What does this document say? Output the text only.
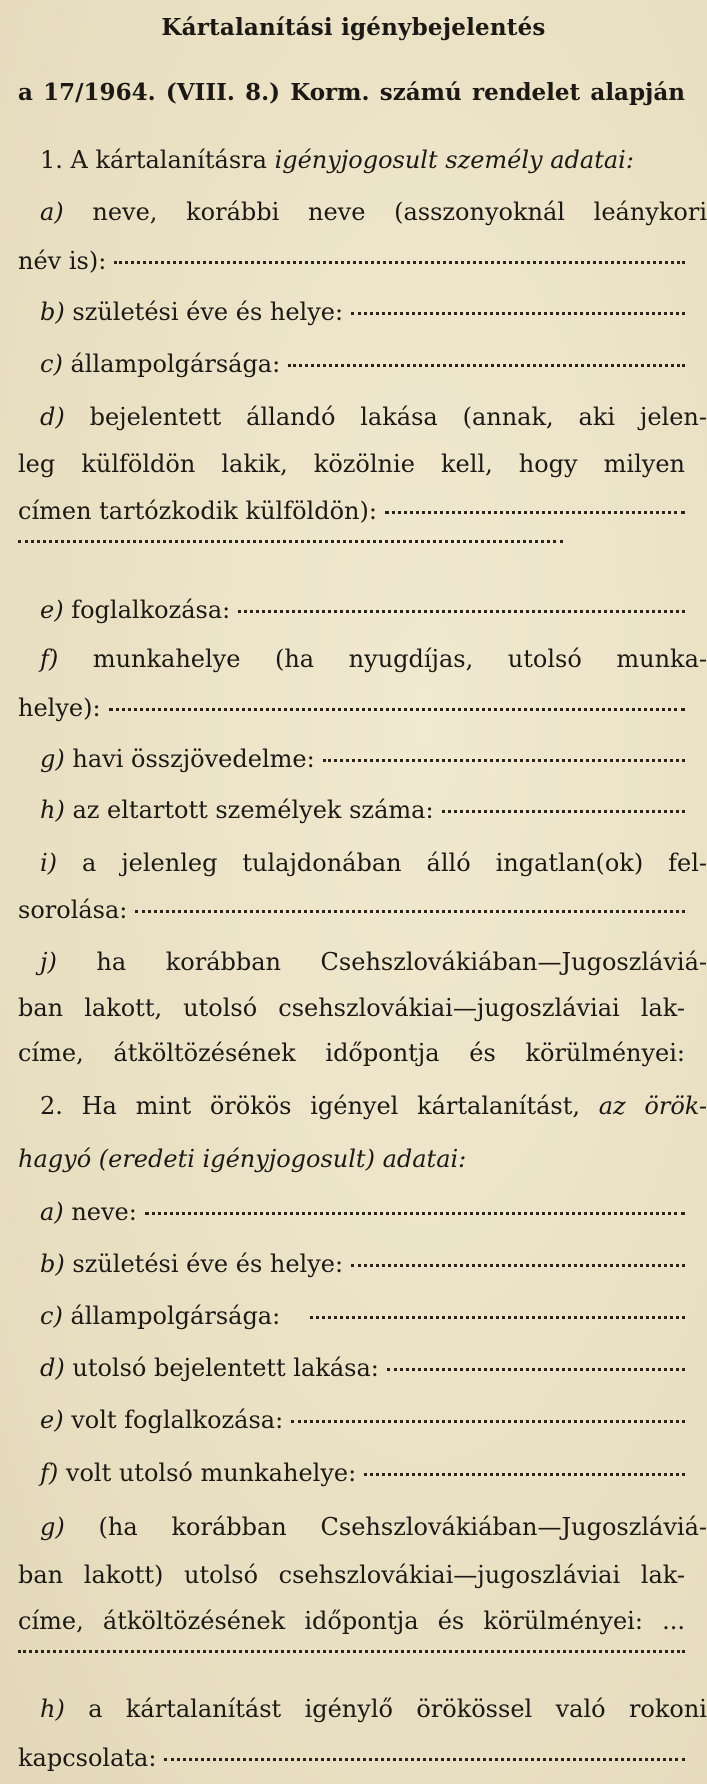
Kártalanítási igénybejelentés
a 17/1964. (VIII. 8.) Korm. számú rendelet alapján
1. A kártalanításra igényjogosult személy adatai:
a) neve, korábbi neve (asszonyoknál leánykori
név is):
b) születési éve és helye:
c) állampolgársága:
d) bejelentett állandó lakása (annak, aki jelen-
leg külföldön lakik, közölnie kell, hogy milyen
címen tartózkodik külföldön):
e) foglalkozása:
f) munkahelye (ha nyugdíjas, utolsó munka-
helye):
g) havi összjövedelme:
h) az eltartott személyek száma:
i) a jelenleg tulajdonában álló ingatlan(ok) fel-
sorolása:
j) ha korábban Csehszlovákiában—Jugoszláviá-
ban lakott, utolsó csehszlovákiai—jugoszláviai lak-
címe, átköltözésének időpontja és körülményei:
2. Ha mint örökös igényel kártalanítást, az örök-
hagyó (eredeti igényjogosult) adatai:
a) neve:
b) születési éve és helye:
c) állampolgársága:
d) utolsó bejelentett lakása:
e) volt foglalkozása:
f) volt utolsó munkahelye:
g) (ha korábban Csehszlovákiában—Jugoszláviá-
ban lakott) utolsó csehszlovákiai—jugoszláviai lak-
címe, átköltözésének időpontja és körülményei: ...
h) a kártalanítást igénylő örökössel való rokoni
kapcsolata:
